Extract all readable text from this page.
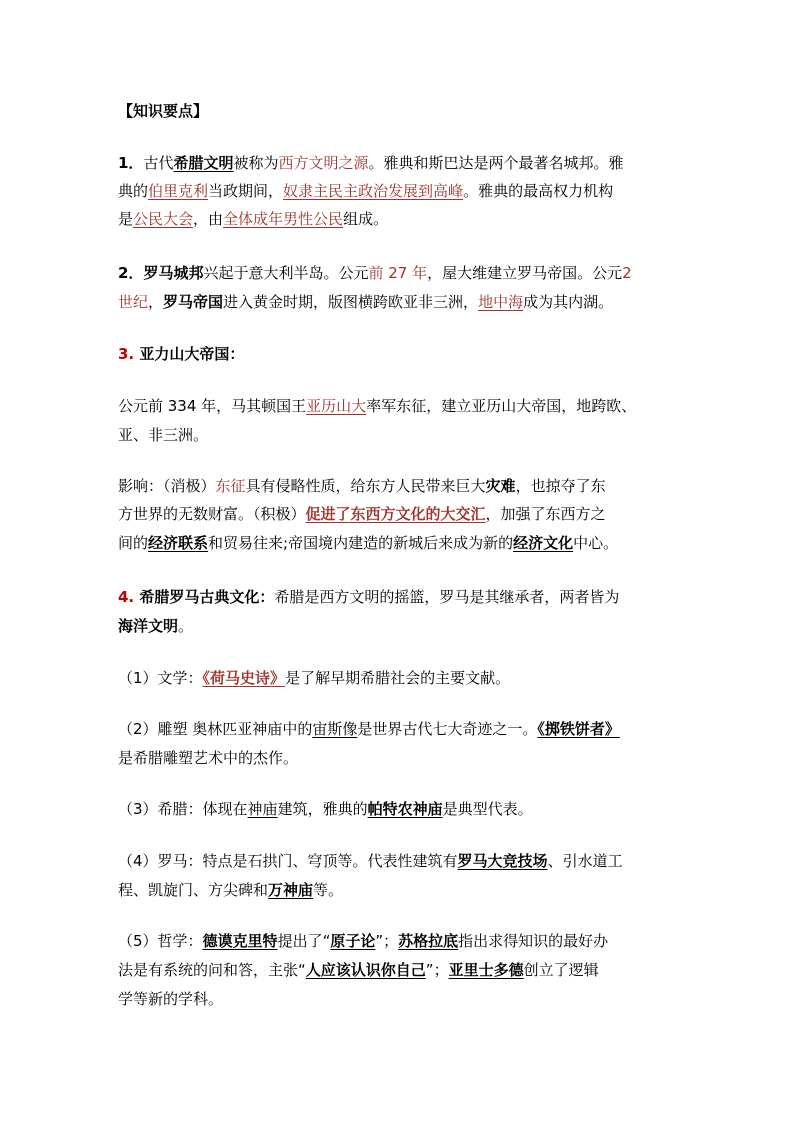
【知识要点】
1．古代希腊文明被称为西方文明之源。雅典和斯巴达是两个最著名城邦。雅
典的伯里克利当政期间，奴隶主民主政治发展到高峰。雅典的最高权力机构
是公民大会，由全体成年男性公民组成。
2．罗马城邦兴起于意大利半岛。公元前 27 年，屋大维建立罗马帝国。公元2
世纪，罗马帝国进入黄金时期，版图横跨欧亚非三洲，地中海成为其内湖。
3. 亚力山大帝国：
公元前 334 年，马其顿国王亚历山大率军东征，建立亚历山大帝国，地跨欧、
亚、非三洲。
影响：（消极）东征具有侵略性质，给东方人民带来巨大灾难，也掠夺了东
方世界的无数财富。（积极）促进了东西方文化的大交汇，加强了东西方之
间的经济联系和贸易往来;帝国境内建造的新城后来成为新的经济文化中心。
4. 希腊罗马古典文化：希腊是西方文明的摇篮，罗马是其继承者，两者皆为
海洋文明。
（1）文学：《荷马史诗》是了解早期希腊社会的主要文献。
（2）雕塑 奥林匹亚神庙中的宙斯像是世界古代七大奇迹之一。《掷铁饼者》
是希腊雕塑艺术中的杰作。
（3）希腊：体现在神庙建筑，雅典的帕特农神庙是典型代表。
（4）罗马：特点是石拱门、穹顶等。代表性建筑有罗马大竞技场、引水道工
程、凯旋门、方尖碑和万神庙等。
（5）哲学：德谟克里特提出了“原子论”；苏格拉底指出求得知识的最好办
法是有系统的问和答，主张“人应该认识你自己”；亚里士多德创立了逻辑
学等新的学科。
